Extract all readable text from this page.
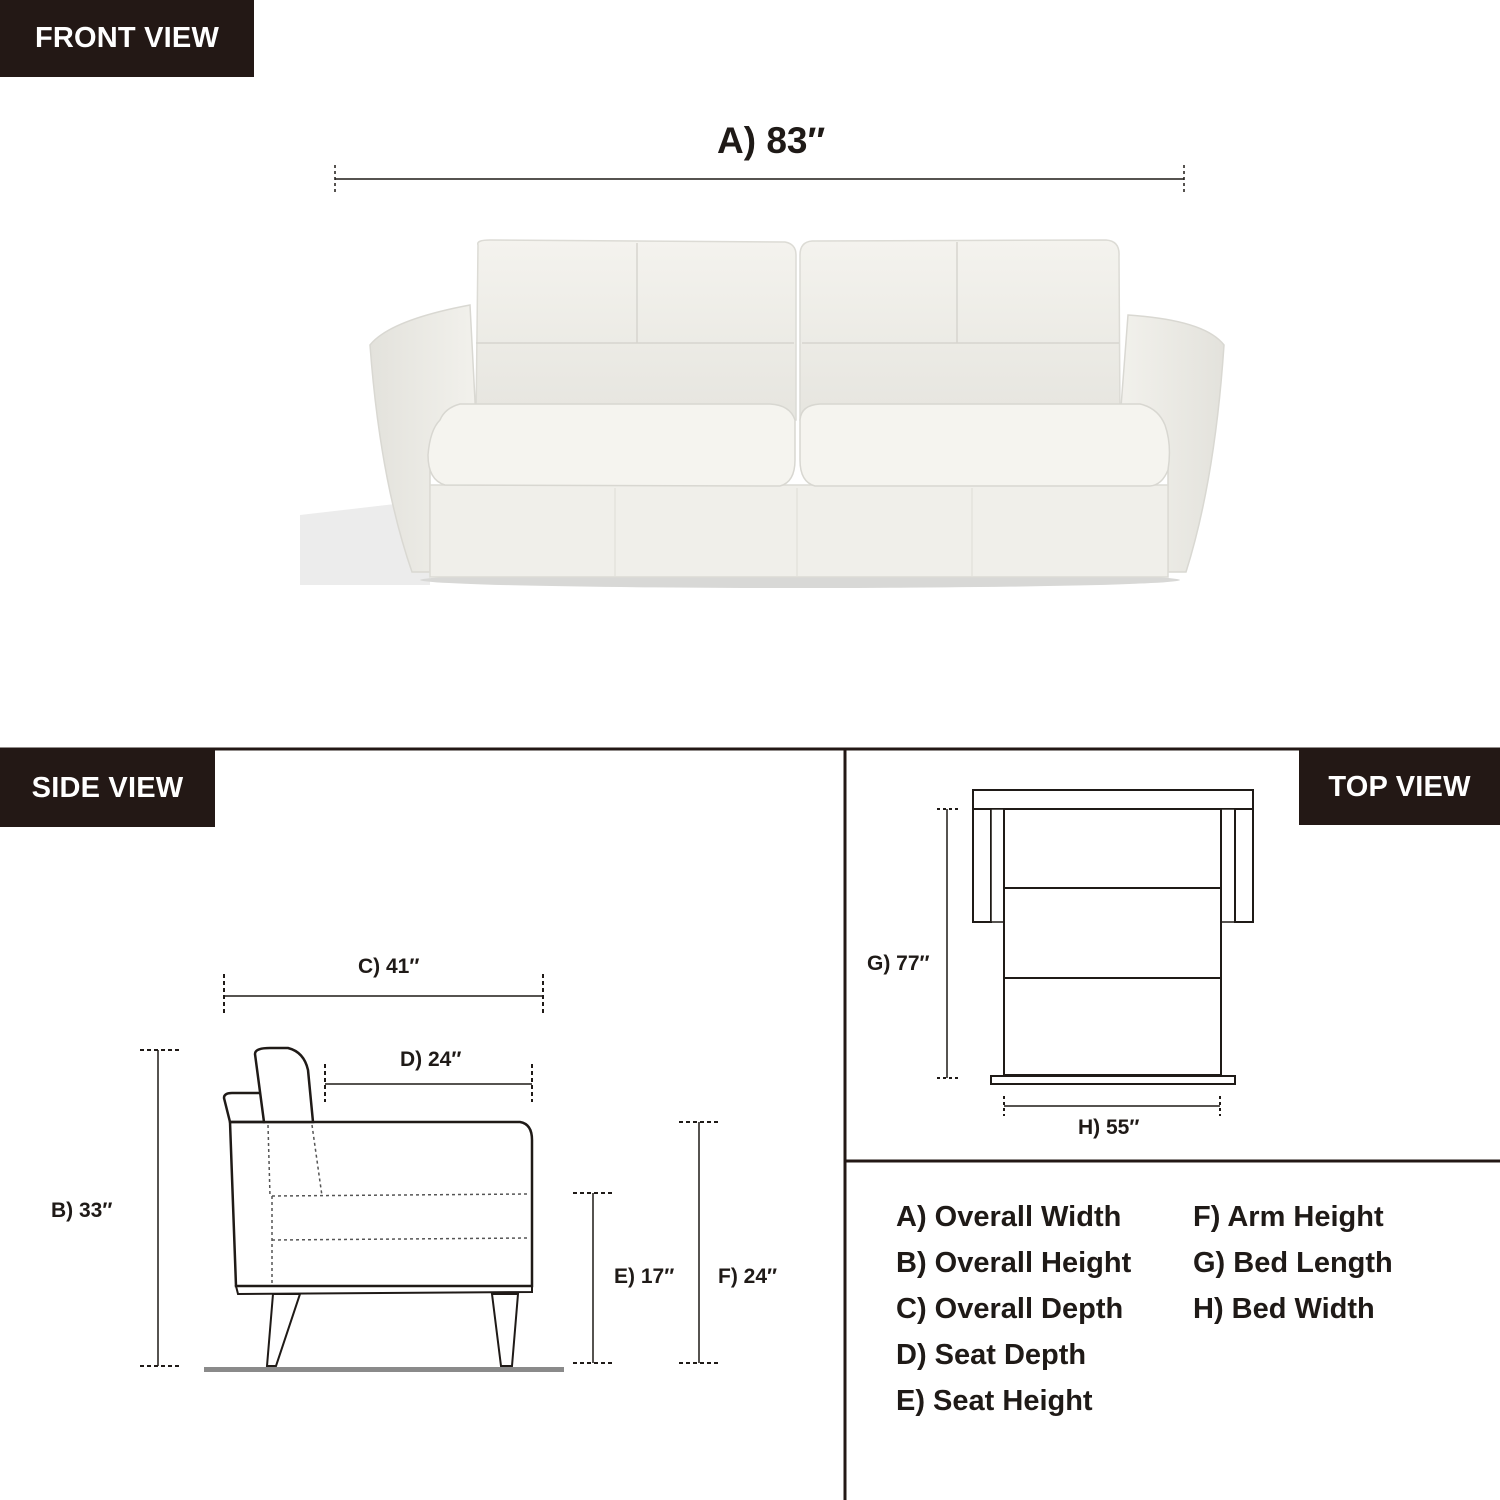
FRONT VIEW
SIDE VIEW	TOP VIEW
A) 83″
C) 41″
D) 24″
B) 33″
E) 17″ F) 24″
G) 77″
H) 55″
A) Overall Width
B) Overall Height
C) Overall Depth
D) Seat Depth
E) Seat Height
F) Arm Height
G) Bed Length
H) Bed Width
